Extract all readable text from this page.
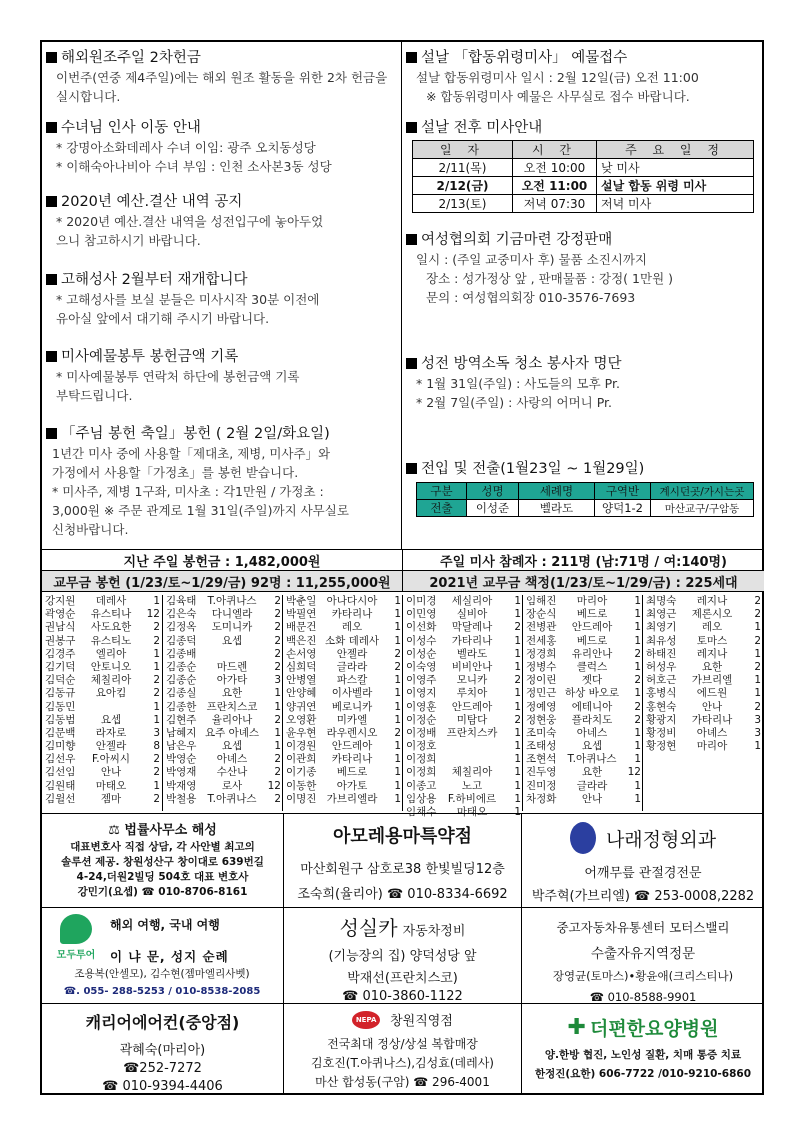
해외원조주일 2차헌금

이번주(연중 제4주일)에는 해외 원조 활동을 위한 2차 헌금을

실시합니다.

수녀님 인사 이동 안내

* 강명아소화데레사 수녀 이임: 광주 오치동성당

* 이해숙아나비아 수녀 부임 : 인천 소사본3동 성당

2020년 예산.결산 내역 공지

* 2020년 예산.결산 내역을 성전입구에 놓아두었

으니 참고하시기 바랍니다.

고해성사 2월부터 재개합니다

* 고해성사를 보실 분들은 미사시작 30분 이전에

유아실 앞에서 대기해 주시기 바랍니다.

미사예물봉투 봉헌금액 기록

* 미사예물봉투 연락처 하단에 봉헌금액 기록

부탁드립니다.

「주님 봉헌 축일」봉헌 ( 2월 2일/화요일)

1년간 미사 중에 사용할「제대초, 제병, 미사주」와

가정에서 사용할「가정초」를 봉헌 받습니다.

* 미사주, 제병 1구좌, 미사초 : 각1만원 / 가정초 :

3,000원 ※ 주문 관계로 1월 31일(주일)까지 사무실로

신청바랍니다.

설날 「합동위령미사」 예물접수

설날 합동위령미사 일시 : 2월 12일(금) 오전 11:00

※ 합동위령미사 예물은 사무실로 접수 바랍니다.

설날 전후 미사안내
일 자	시 간	주 요 일 정
2/11(목)	오전 10:00	낮 미사
2/12(금)	오전 11:00	설날 합동 위령 미사
2/13(토)	저녁 07:30	저녁 미사
여성협의회 기금마련 강정판매

일시 : (주일 교중미사 후) 물품 소진시까지

장소 : 성가정상 앞 , 판매물품 : 강정( 1만원 )

문의 : 여성협의회장 010-3576-7693

성전 방역소독 청소 봉사자 명단

* 1월 31일(주일) : 사도들의 모후 Pr.

* 2월 7일(주일) : 사랑의 어머니 Pr.

전입 및 전출(1월23일 ~ 1월29일)
구분	성명	세례명	구역반	계시던곳/가시는곳
전출	이성준	벨라도	양덕1-2	마산교구/구암동
지난 주일 봉헌금 : 1,482,000원	주일 미사 참례자 : 211명 (남:71명 / 여:140명)
교무금 봉헌 (1/23/토~1/29/금) 92명 : 11,255,000원	2021년 교무금 책정(1/23/토~1/29/금) : 225세대
강지원	데레사	1
곽영순	유스티나	12
권남식	사도요한	2
권봉구	유스티노	2
김경주	엘리아	1
김기덕	안토니오	1
김덕순	체칠리아	2
김동규	요아킴	2
김동민	1
김동범	요셉	1
김문백	라자로	3
김미향	안젤라	8
김선우	F.아씨시	2
김선임	안나	2
김원태	마태오	1
김윌선	젬마	2
김육태	T.아퀴나스	2
김은숙	다니엘라	2
김정옥	도미니카	2
김종덕	요셉	2
김종배	2
김종순	마드렌	2
김종순	아가타	3
김종실	요한	1
김종한 프란치스코	1
김현주	율리아나	2
남혜지 요주 아녜스	1
남은우	요셉	1
박영순	아녜스	2
박영재	수산나	2
박재영	로사	12
박철용	T.아퀴나스	2
박춘일 아나다시아	1
박필연	카타리나	1
배문건	레오	1
백은진 소화 데레사	1
손서영	안젤라	2
심희덕	글라라	2
안병열	파스칼	1
안양혜	이사벨라	1
양귀연	베로니카	1
오영환	미카엘	1
윤우현 라우렌시오	2
이경원	안드레아	1
이관희	카타리나	1
이기종	베드로	1
이동한	아가토	1
이명진 가브리엘라	1
이미경	세실리아	1
이민영	실비아	1
이선화	막달레나	2
이성수	가타리나	1
이성순	벨라도	1
이숙영	비비안나	1
이영주	모니카	2
이영지	루치아	1
이영훈	안드레아	1
이정순	미탐다	2
이정배 프란치스카	1
이정호	1
이정희	1
이정희	체칠리아	1
이종고	노고	1
임상용	F.하비에르	1
임채수	마태오	1
임해진	마리아	1
장순식	베드로	1
전병관	안드레아	1
전세홍	베드로	1
정경희	유리안나	2
정병수	클럭스	1
정이린	젯다	2
정민근 하상 바오로	1
정예영	에테니아	2
정현웅	플라치도	2
조미숙	아네스	1
조태성	요셉	1
조현석	T.아퀴나스	1
진두영	요한	12
진미정	글라라	1
차정화	안나	1
최명숙	레지나	2
최영근	제론시오	2
최영기	레오	1
최유성	토마스	2
하태진	레지나	1
허성우	요한	2
허호근	가브리엘	1
홍병식	에드원	1
홍현숙	안나	2
황광지	가타리나	3
황정비	아녜스	3
황정현	마리아	1
⚖ 법률사무소 해성
대표변호사 직접 상담, 각 사안별 최고의
솔루션 제공. 창원성산구 창이대로 639번길
4-24,더원2빌딩 504호 대표 변호사
강민기(요셉) ☎ 010-8706-8161
아모레용마특약점
마산회원구 삼호로38 한빛빌딩12층
조숙희(율리아) ☎ 010-8334-6692
나래정형외과
어깨무릎 관절경전문
박주혁(가브리엘) ☎ 253-0008,2282
모두투어
해외 여행, 국내 여행
이 냐 문, 성지 순례
조용복(안셀모), 김수현(젬마엘리사벳)
☎. 055- 288-5253 / 010-8538-2085
성실카 자동차정비
(기능장의 집) 양덕성당 앞
박재선(프란치스코)
☎ 010-3860-1122
중고자동차유통센터 모터스밸리
수출자유지역정문
장영균(토마스)•황윤애(크리스티나)
☎ 010-8588-9901
캐리어에어컨(중앙점)
곽혜숙(마리아)
☎252-7272
☎ 010-9394-4406
NEPA 창원직영점
전국최대 정상/상설 복합매장
김호진(T.아퀴나스),김성효(데레사)
마산 합성동(구암) ☎ 296-4001
✚ 더편한요양병원
양.한방 협진, 노인성 질환, 치매 통증 치료
한정진(요한) 606-7722 /010-9210-6860
